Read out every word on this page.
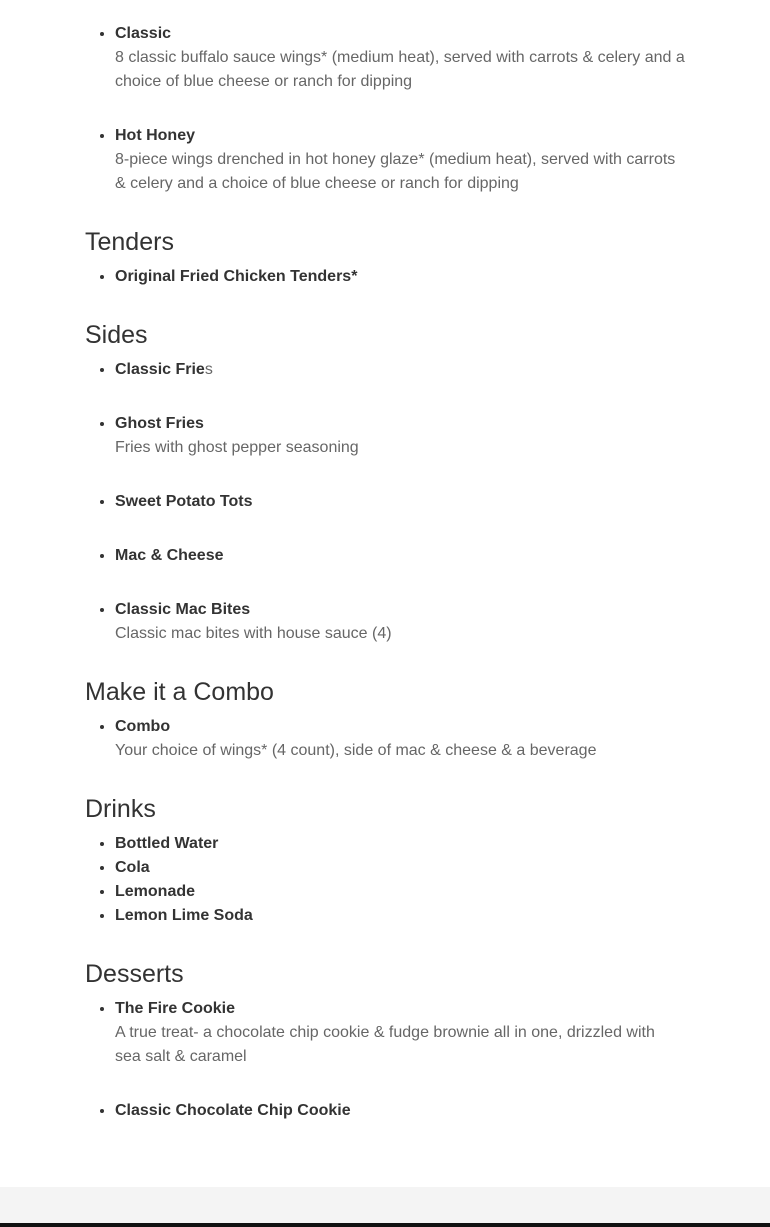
• Classic
8 classic buffalo sauce wings* (medium heat), served with carrots & celery and a choice of blue cheese or ranch for dipping
• Hot Honey
8-piece wings drenched in hot honey glaze* (medium heat), served with carrots & celery and a choice of blue cheese or ranch for dipping
Tenders
• Original Fried Chicken Tenders*
Sides
• Classic Fries
• Ghost Fries
Fries with ghost pepper seasoning
• Sweet Potato Tots
• Mac & Cheese
• Classic Mac Bites
Classic mac bites with house sauce (4)
Make it a Combo
• Combo
Your choice of wings* (4 count), side of mac & cheese & a beverage
Drinks
• Bottled Water
• Cola
• Lemonade
• Lemon Lime Soda
Desserts
• The Fire Cookie
A true treat- a chocolate chip cookie & fudge brownie all in one, drizzled with sea salt & caramel
• Classic Chocolate Chip Cookie
